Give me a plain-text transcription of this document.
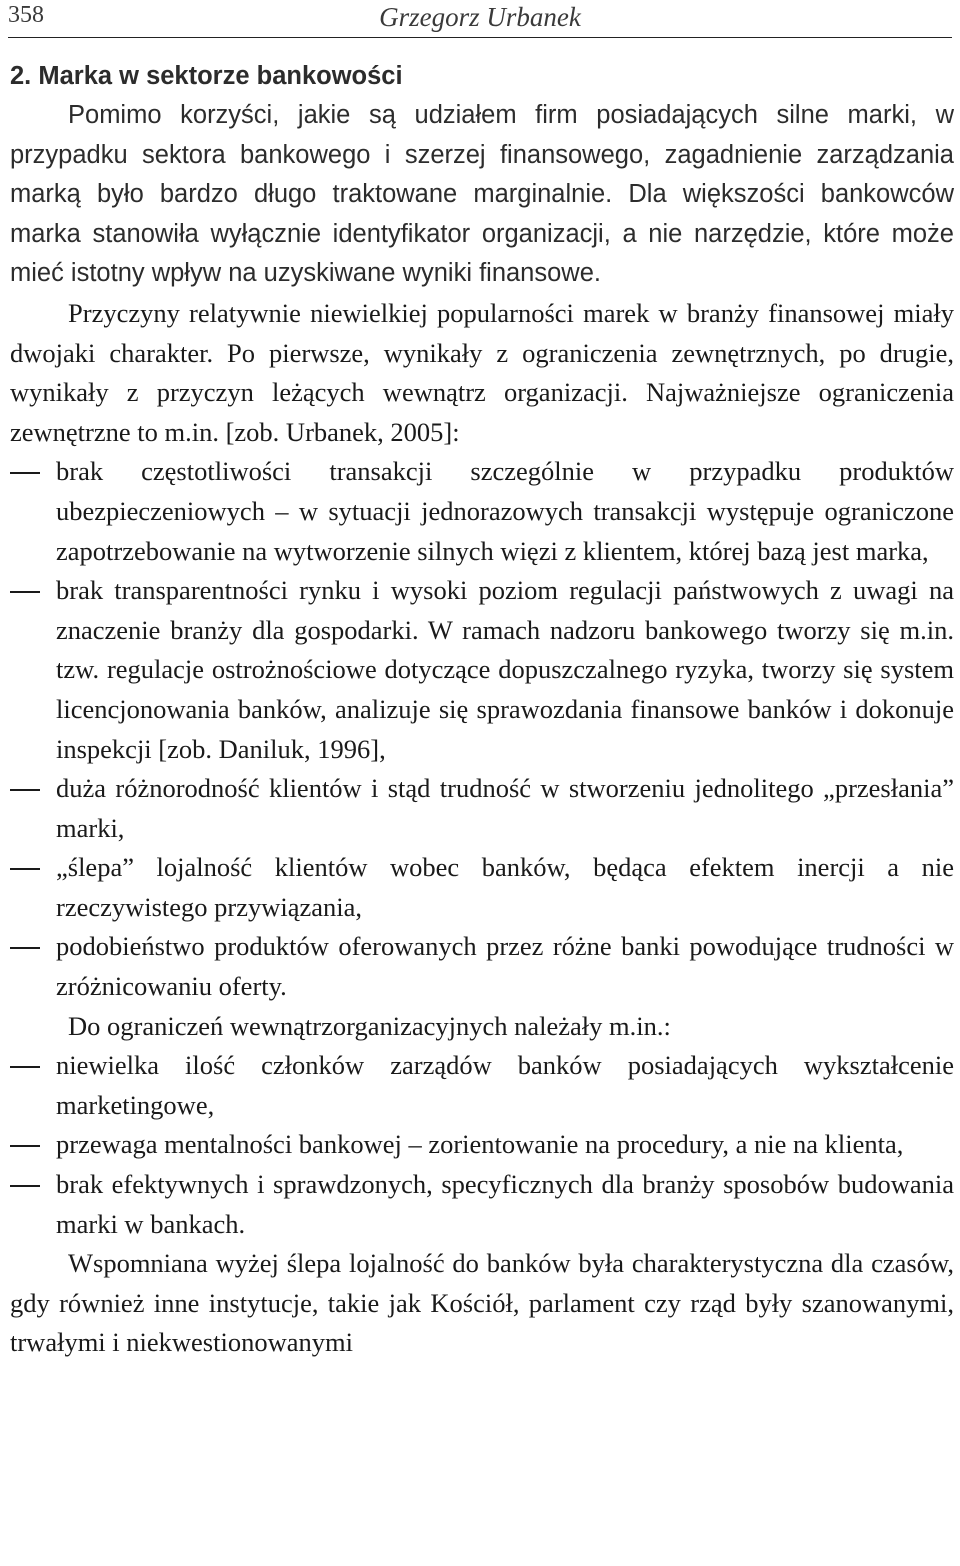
358	Grzegorz Urbanek

2. Marka w sektorze bankowości

Pomimo korzyści, jakie są udziałem firm posiadających silne marki, w przypadku sektora bankowego i szerzej finansowego, zagadnienie zarządzania marką było bardzo długo traktowane marginalnie. Dla większości bankowców marka stanowiła wyłącznie identyfikator organizacji, a nie narzędzie, które może mieć istotny wpływ na uzyskiwane wyniki finansowe.

Przyczyny relatywnie niewielkiej popularności marek w branży finansowej miały dwojaki charakter. Po pierwsze, wynikały z ograniczenia zewnętrznych, po drugie, wynikały z przyczyn leżących wewnątrz organizacji. Najważniejsze ograniczenia zewnętrzne to m.in. [zob. Urbanek, 2005]:

brak częstotliwości transakcji szczególnie w przypadku produktów ubezpieczeniowych – w sytuacji jednorazowych transakcji występuje ograniczone zapotrzebowanie na wytworzenie silnych więzi z klientem, której bazą jest marka,
brak transparentności rynku i wysoki poziom regulacji państwowych z uwagi na znaczenie branży dla gospodarki. W ramach nadzoru bankowego tworzy się m.in. tzw. regulacje ostrożnościowe dotyczące dopuszczalnego ryzyka, tworzy się system licencjonowania banków, analizuje się sprawozdania finansowe banków i dokonuje inspekcji [zob. Daniluk, 1996],
duża różnorodność klientów i stąd trudność w stworzeniu jednolitego „przesłania” marki,
„ślepa” lojalność klientów wobec banków, będąca efektem inercji a nie rzeczywistego przywiązania,
podobieństwo produktów oferowanych przez różne banki powodujące trudności w zróżnicowaniu oferty.

Do ograniczeń wewnątrzorganizacyjnych należały m.in.:

niewielka ilość członków zarządów banków posiadających wykształcenie marketingowe,
przewaga mentalności bankowej – zorientowanie na procedury, a nie na klienta,
brak efektywnych i sprawdzonych, specyficznych dla branży sposobów budowania marki w bankach.

Wspomniana wyżej ślepa lojalność do banków była charakterystyczna dla czasów, gdy również inne instytucje, takie jak Kościół, parlament czy rząd były szanowanymi, trwałymi i niekwestionowanymi
